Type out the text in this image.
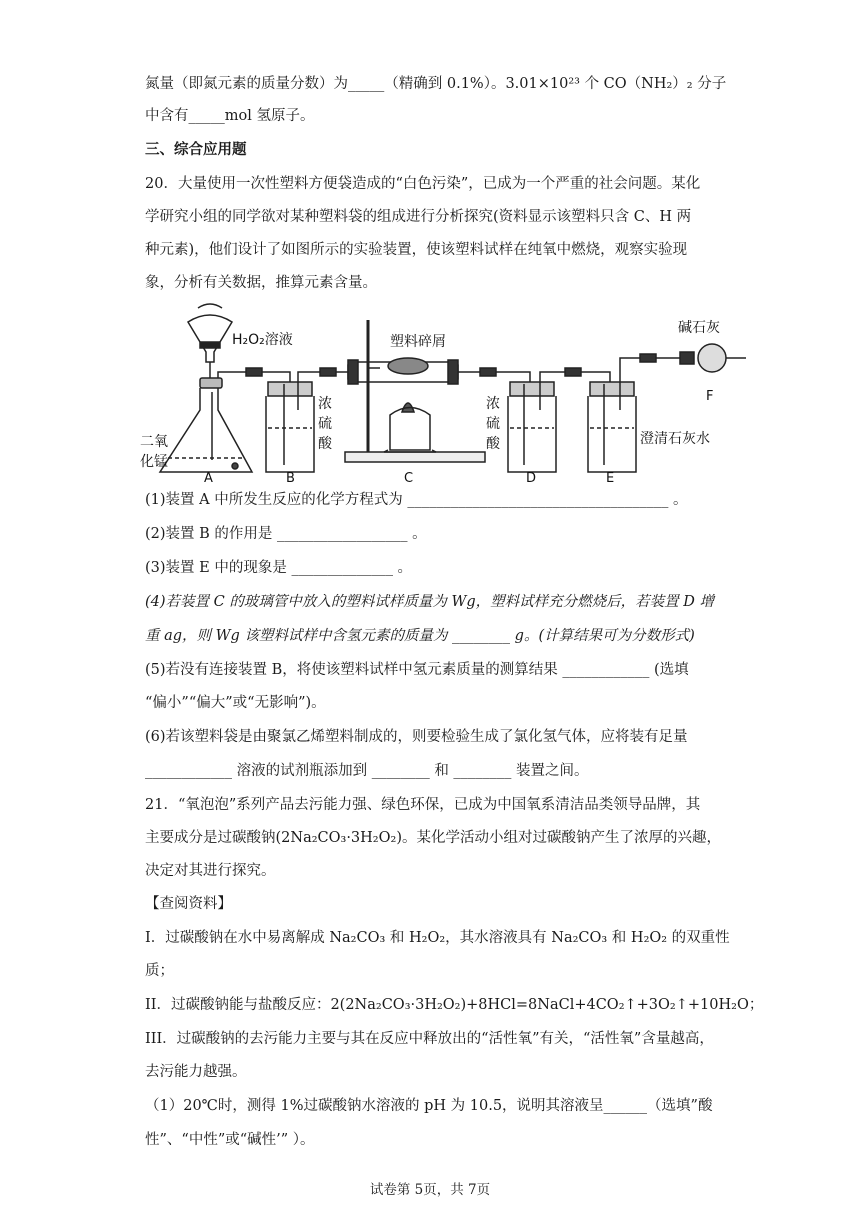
氮量（即氮元素的质量分数）为_____（精确到 0.1%）。3.01×10²³ 个 CO（NH₂）₂ 分子
中含有_____mol 氢原子。
三、综合应用题
20．大量使用一次性塑料方便袋造成的“白色污染”，已成为一个严重的社会问题。某化
学研究小组的同学欲对某种塑料袋的组成进行分析探究(资料显示该塑料只含 C、H 两
种元素)，他们设计了如图所示的实验装置，使该塑料试样在纯氧中燃烧，观察实验现
象，分析有关数据，推算元素含量。
H₂O₂溶液	塑料碎屑
碱石灰
二氧
化锰
浓
硫
酸
浓
硫
酸	澄清石灰水
A	B	C	D	E
F
(1)装置 A 中所发生反应的化学方程式为 ____________________________________ 。
(2)装置 B 的作用是 __________________ 。
(3)装置 E 中的现象是 ______________ 。
(4)若装置 C 的玻璃管中放入的塑料试样质量为 Wg，塑料试样充分燃烧后，若装置 D 增
重 ag，则 Wg 该塑料试样中含氢元素的质量为 ________ g。(计算结果可为分数形式)
(5)若没有连接装置 B，将使该塑料试样中氢元素质量的测算结果 ____________ (选填
“偏小”“偏大”或“无影响”)。
(6)若该塑料袋是由聚氯乙烯塑料制成的，则要检验生成了氯化氢气体，应将装有足量
____________ 溶液的试剂瓶添加到 ________ 和 ________ 装置之间。
21．“氧泡泡”系列产品去污能力强、绿色环保，已成为中国氧系清洁品类领导品牌，其
主要成分是过碳酸钠(2Na₂CO₃·3H₂O₂)。某化学活动小组对过碳酸钠产生了浓厚的兴趣，
决定对其进行探究。
【查阅资料】
I．过碳酸钠在水中易离解成 Na₂CO₃ 和 H₂O₂，其水溶液具有 Na₂CO₃ 和 H₂O₂ 的双重性
质；
II．过碳酸钠能与盐酸反应：2(2Na₂CO₃·3H₂O₂)+8HCl=8NaCl+4CO₂↑+3O₂↑+10H₂O；
III．过碳酸钠的去污能力主要与其在反应中释放出的“活性氧”有关，“活性氧”含量越高，
去污能力越强。
（1）20℃时，测得 1%过碳酸钠水溶液的 pH 为 10.5，说明其溶液呈______（选填”酸
性”、“中性”或“碱性’” ）。
试卷第 5页，共 7页
